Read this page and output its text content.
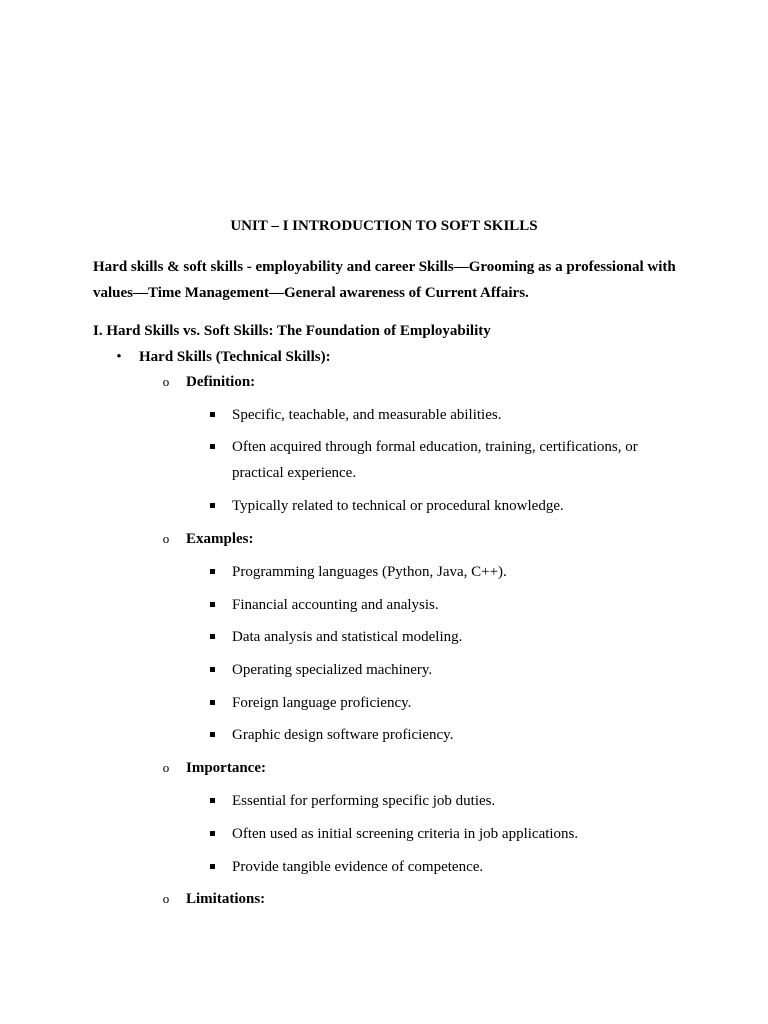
UNIT – I INTRODUCTION TO SOFT SKILLS

Hard skills & soft skills - employability and career Skills—Grooming as a professional with values—Time Management—General awareness of Current Affairs.

I. Hard Skills vs. Soft Skills: The Foundation of Employability
• Hard Skills (Technical Skills):
o Definition:
Specific, teachable, and measurable abilities.
Often acquired through formal education, training, certifications, or practical experience.
Typically related to technical or procedural knowledge.
o Examples:
Programming languages (Python, Java, C++).
Financial accounting and analysis.
Data analysis and statistical modeling.
Operating specialized machinery.
Foreign language proficiency.
Graphic design software proficiency.
o Importance:
Essential for performing specific job duties.
Often used as initial screening criteria in job applications.
Provide tangible evidence of competence.
o Limitations:
